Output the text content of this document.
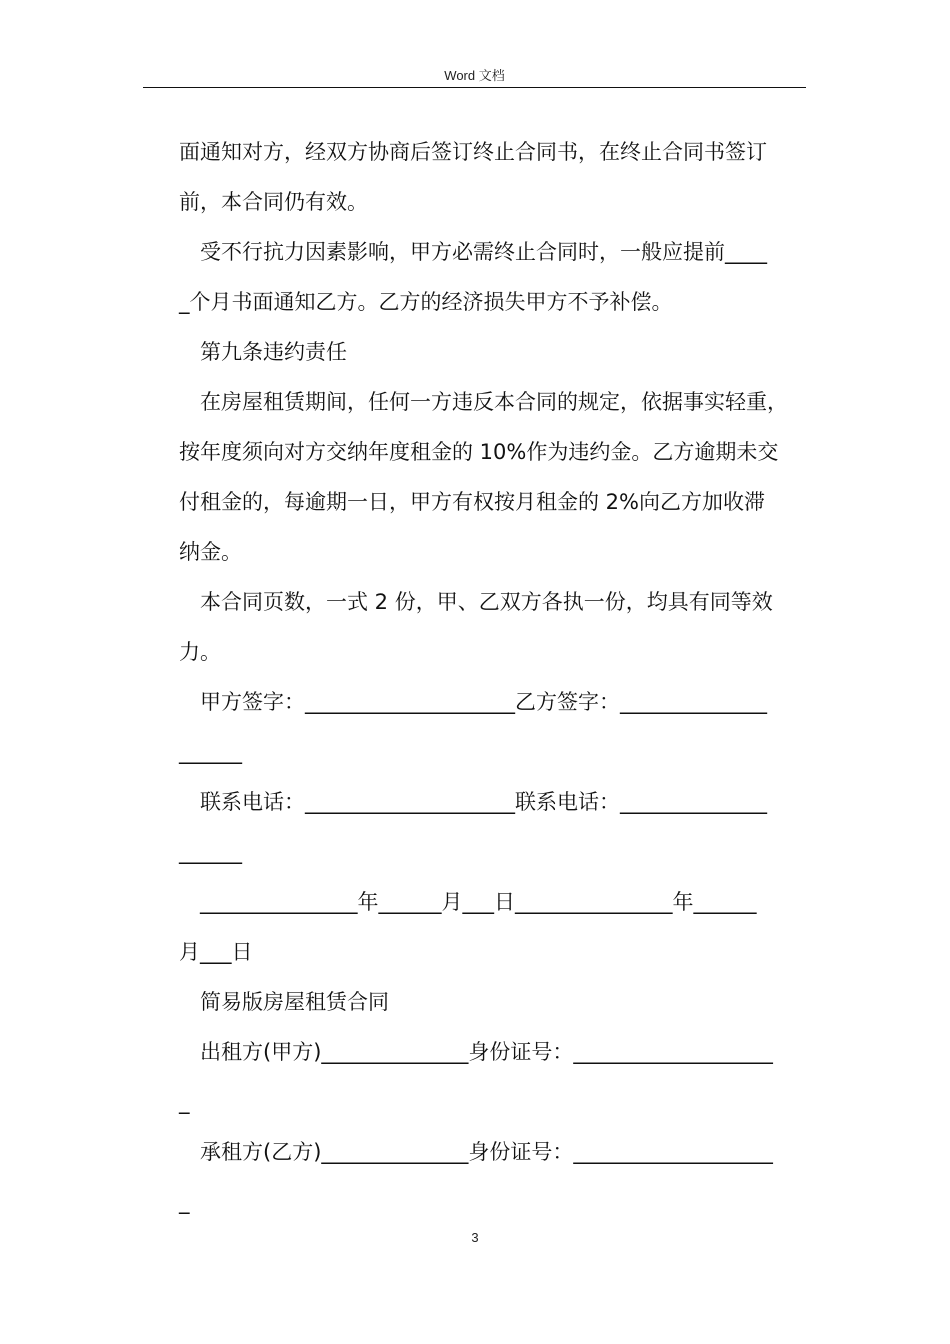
Word 文档
面通知对方，经双方协商后签订终止合同书，在终止合同书签订
前，本合同仍有效。
受不行抗力因素影响，甲方必需终止合同时，一般应提前____
_个月书面通知乙方。乙方的经济损失甲方不予补偿。
第九条违约责任
在房屋租赁期间，任何一方违反本合同的规定，依据事实轻重，
按年度须向对方交纳年度租金的 10%作为违约金。乙方逾期未交
付租金的，每逾期一日，甲方有权按月租金的 2%向乙方加收滞
纳金。
本合同页数，一式 2 份，甲、乙双方各执一份，均具有同等效
力。
甲方签字：____________________乙方签字：______________
______
联系电话：____________________联系电话：______________
______
_______________年______月___日_______________年______
月___日
简易版房屋租赁合同
出租方(甲方)______________身份证号：___________________
_
承租方(乙方)______________身份证号：___________________
_
3
